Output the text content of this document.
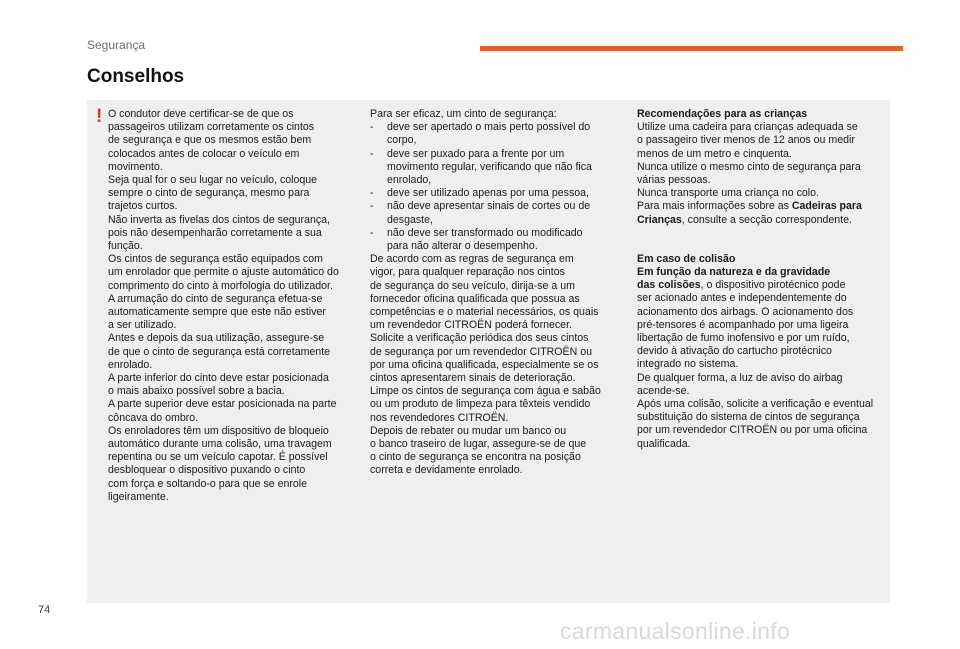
Segurança
Conselhos
! O condutor deve certificar-se de que os
passageiros utilizam corretamente os cintos
de segurança e que os mesmos estão bem
colocados antes de colocar o veículo em
movimento.
Seja qual for o seu lugar no veículo, coloque
sempre o cinto de segurança, mesmo para
trajetos curtos.
Não inverta as fivelas dos cintos de segurança,
pois não desempenharão corretamente a sua
função.
Os cintos de segurança estão equipados com
um enrolador que permite o ajuste automático do
comprimento do cinto à morfologia do utilizador.
A arrumação do cinto de segurança efetua-se
automaticamente sempre que este não estiver
a ser utilizado.
Antes e depois da sua utilização, assegure-se
de que o cinto de segurança está corretamente
enrolado.
A parte inferior do cinto deve estar posicionada
o mais abaixo possível sobre a bacia.
A parte superior deve estar posicionada na parte
côncava do ombro.
Os enroladores têm um dispositivo de bloqueio
automático durante uma colisão, uma travagem
repentina ou se um veículo capotar. É possível
desbloquear o dispositivo puxando o cinto
com força e soltando-o para que se enrole
ligeiramente.
Para ser eficaz, um cinto de segurança:
- deve ser apertado o mais perto possível do
corpo,
- deve ser puxado para a frente por um
movimento regular, verificando que não fica
enrolado,
- deve ser utilizado apenas por uma pessoa,
- não deve apresentar sinais de cortes ou de
desgaste,
- não deve ser transformado ou modificado
para não alterar o desempenho.
De acordo com as regras de segurança em
vigor, para qualquer reparação nos cintos
de segurança do seu veículo, dirija-se a um
fornecedor oficina qualificada que possua as
competências e o material necessários, os quais
um revendedor CITROËN poderá fornecer.
Solicite a verificação periódica dos seus cintos
de segurança por um revendedor CITROËN ou
por uma oficina qualificada, especialmente se os
cintos apresentarem sinais de deterioração.
Limpe os cintos de segurança com água e sabão
ou um produto de limpeza para têxteis vendido
nos revendedores CITROËN.
Depois de rebater ou mudar um banco ou
o banco traseiro de lugar, assegure-se de que
o cinto de segurança se encontra na posição
correta e devidamente enrolado.
Recomendações para as crianças
Utilize uma cadeira para crianças adequada se
o passageiro tiver menos de 12 anos ou medir
menos de um metro e cinquenta.
Nunca utilize o mesmo cinto de segurança para
várias pessoas.
Nunca transporte uma criança no colo.
Para mais informações sobre as Cadeiras para
Crianças, consulte a secção correspondente.
Em caso de colisão
Em função da natureza e da gravidade
das colisões, o dispositivo pirotécnico pode
ser acionado antes e independentemente do
acionamento dos airbags. O acionamento dos
pré-tensores é acompanhado por uma ligeira
libertação de fumo inofensivo e por um ruído,
devido à ativação do cartucho pirotécnico
integrado no sistema.
De qualquer forma, a luz de aviso do airbag
acende-se.
Após uma colisão, solicite a verificação e eventual
substituição do sistema de cintos de segurança
por um revendedor CITROËN ou por uma oficina
qualificada.
74
carmanualsonline.info
